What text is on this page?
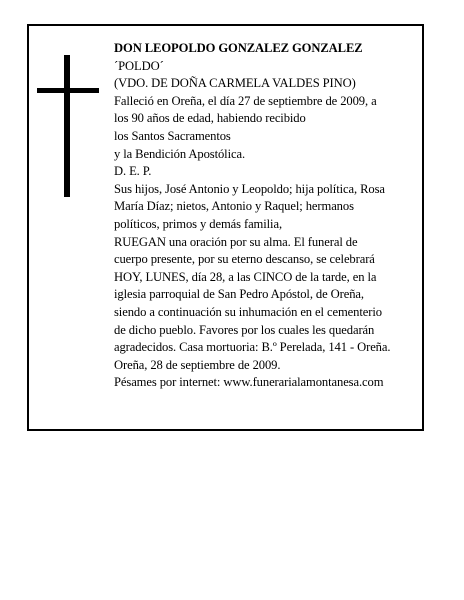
DON LEOPOLDO GONZALEZ GONZALEZ
´POLDO´
(VDO. DE DOÑA CARMELA VALDES PINO)
Falleció en Oreña, el día 27 de septiembre de 2009, a
los 90 años de edad, habiendo recibido
los Santos Sacramentos
y la Bendición Apostólica.
D. E. P.
Sus hijos, José Antonio y Leopoldo; hija política, Rosa
María Díaz; nietos, Antonio y Raquel; hermanos
políticos, primos y demás familia,
RUEGAN una oración por su alma. El funeral de
cuerpo presente, por su eterno descanso, se celebrará
HOY, LUNES, día 28, a las CINCO de la tarde, en la
iglesia parroquial de San Pedro Apóstol, de Oreña,
siendo a continuación su inhumación en el cementerio
de dicho pueblo. Favores por los cuales les quedarán
agradecidos. Casa mortuoria: B.º Perelada, 141 - Oreña.
Oreña, 28 de septiembre de 2009.
Pésames por internet: www.funerarialamontanesa.com
